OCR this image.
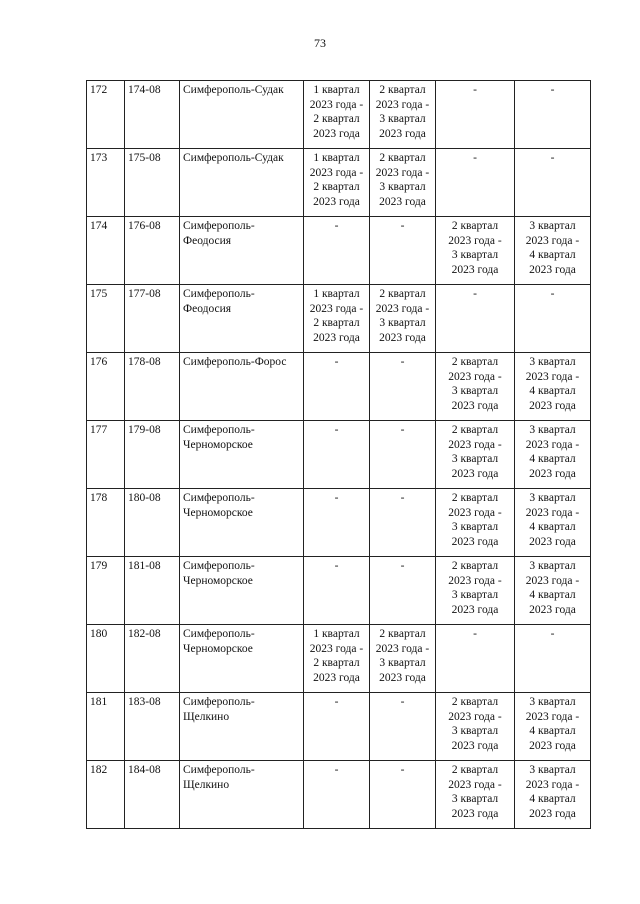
73
172	174-08	Симферополь-Судак	1 квартал
2023 года -
2 квартал
2023 года	2 квартал
2023 года -
3 квартал
2023 года	-	-

173	175-08	Симферополь-Судак	1 квартал
2023 года -
2 квартал
2023 года	2 квартал
2023 года -
3 квартал
2023 года	-	-

174	176-08	Симферополь-
Феодосия	-	-	2 квартал
2023 года -
3 квартал
2023 года	3 квартал
2023 года -
4 квартал
2023 года

175	177-08	Симферополь-
Феодосия	1 квартал
2023 года -
2 квартал
2023 года	2 квартал
2023 года -
3 квартал
2023 года	-	-

176	178-08	Симферополь-Форос	-	-	2 квартал
2023 года -
3 квартал
2023 года	3 квартал
2023 года -
4 квартал
2023 года

177	179-08	Симферополь-
Черноморское	-	-	2 квартал
2023 года -
3 квартал
2023 года	3 квартал
2023 года -
4 квартал
2023 года

178	180-08	Симферополь-
Черноморское	-	-	2 квартал
2023 года -
3 квартал
2023 года	3 квартал
2023 года -
4 квартал
2023 года

179	181-08	Симферополь-
Черноморское	-	-	2 квартал
2023 года -
3 квартал
2023 года	3 квартал
2023 года -
4 квартал
2023 года

180	182-08	Симферополь-
Черноморское	1 квартал
2023 года -
2 квартал
2023 года	2 квартал
2023 года -
3 квартал
2023 года	-	-

181	183-08	Симферополь-
Щелкино	-	-	2 квартал
2023 года -
3 квартал
2023 года	3 квартал
2023 года -
4 квартал
2023 года

182	184-08	Симферополь-
Щелкино	-	-	2 квартал
2023 года -
3 квартал
2023 года	3 квартал
2023 года -
4 квартал
2023 года
